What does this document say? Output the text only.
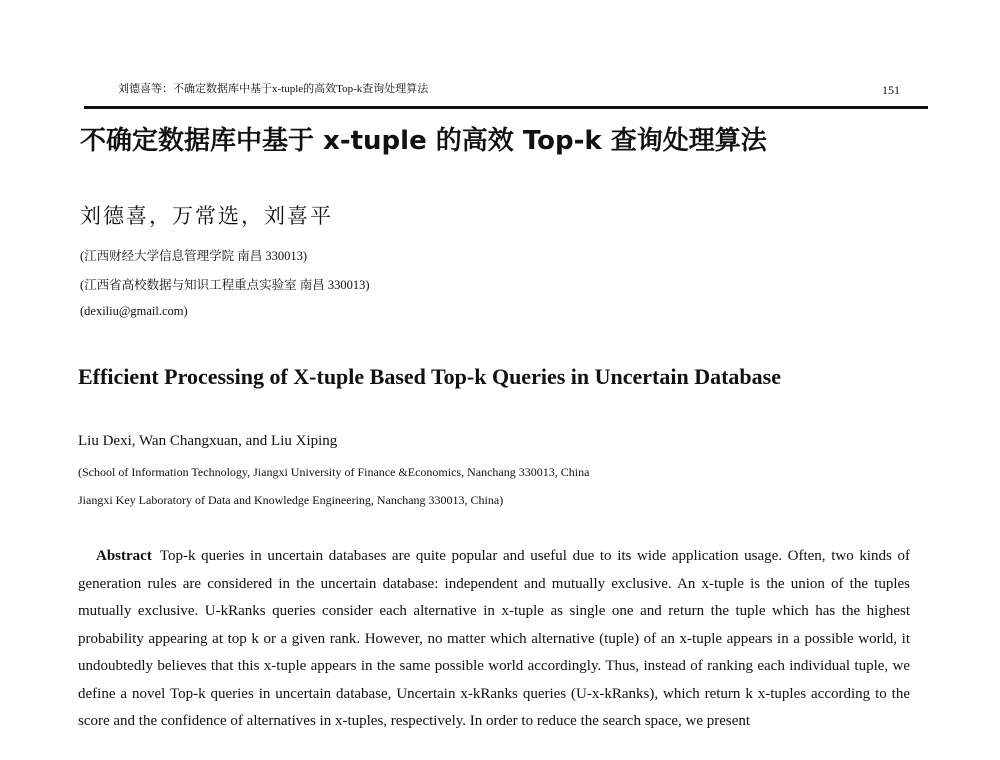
刘德喜等：不确定数据库中基于x-tuple的高效Top-k查询处理算法	151
不确定数据库中基于 x-tuple 的高效 Top-k 查询处理算法
刘德喜，万常选，刘喜平
(江西财经大学信息管理学院 南昌 330013)
(江西省高校数据与知识工程重点实验室 南昌 330013)
(dexiliu@gmail.com)
Efficient Processing of X-tuple Based Top-k Queries in Uncertain Database
Liu Dexi, Wan Changxuan, and Liu Xiping
(School of Information Technology, Jiangxi University of Finance &Economics, Nanchang 330013, China
Jiangxi Key Laboratory of Data and Knowledge Engineering, Nanchang 330013, China)
Abstract Top-k queries in uncertain databases are quite popular and useful due to its wide application usage. Often, two kinds of generation rules are considered in the uncertain database: independent and mutually exclusive. An x-tuple is the union of the tuples mutually exclusive. U-kRanks queries consider each alternative in x-tuple as single one and return the tuple which has the highest probability appearing at top k or a given rank. However, no matter which alternative (tuple) of an x-tuple appears in a possible world, it undoubtedly believes that this x-tuple appears in the same possible world accordingly. Thus, instead of ranking each individual tuple, we define a novel Top-k queries in uncertain database, Uncertain x-kRanks queries (U-x-kRanks), which return k x-tuples according to the score and the confidence of alternatives in x-tuples, respectively. In order to reduce the search space, we present
